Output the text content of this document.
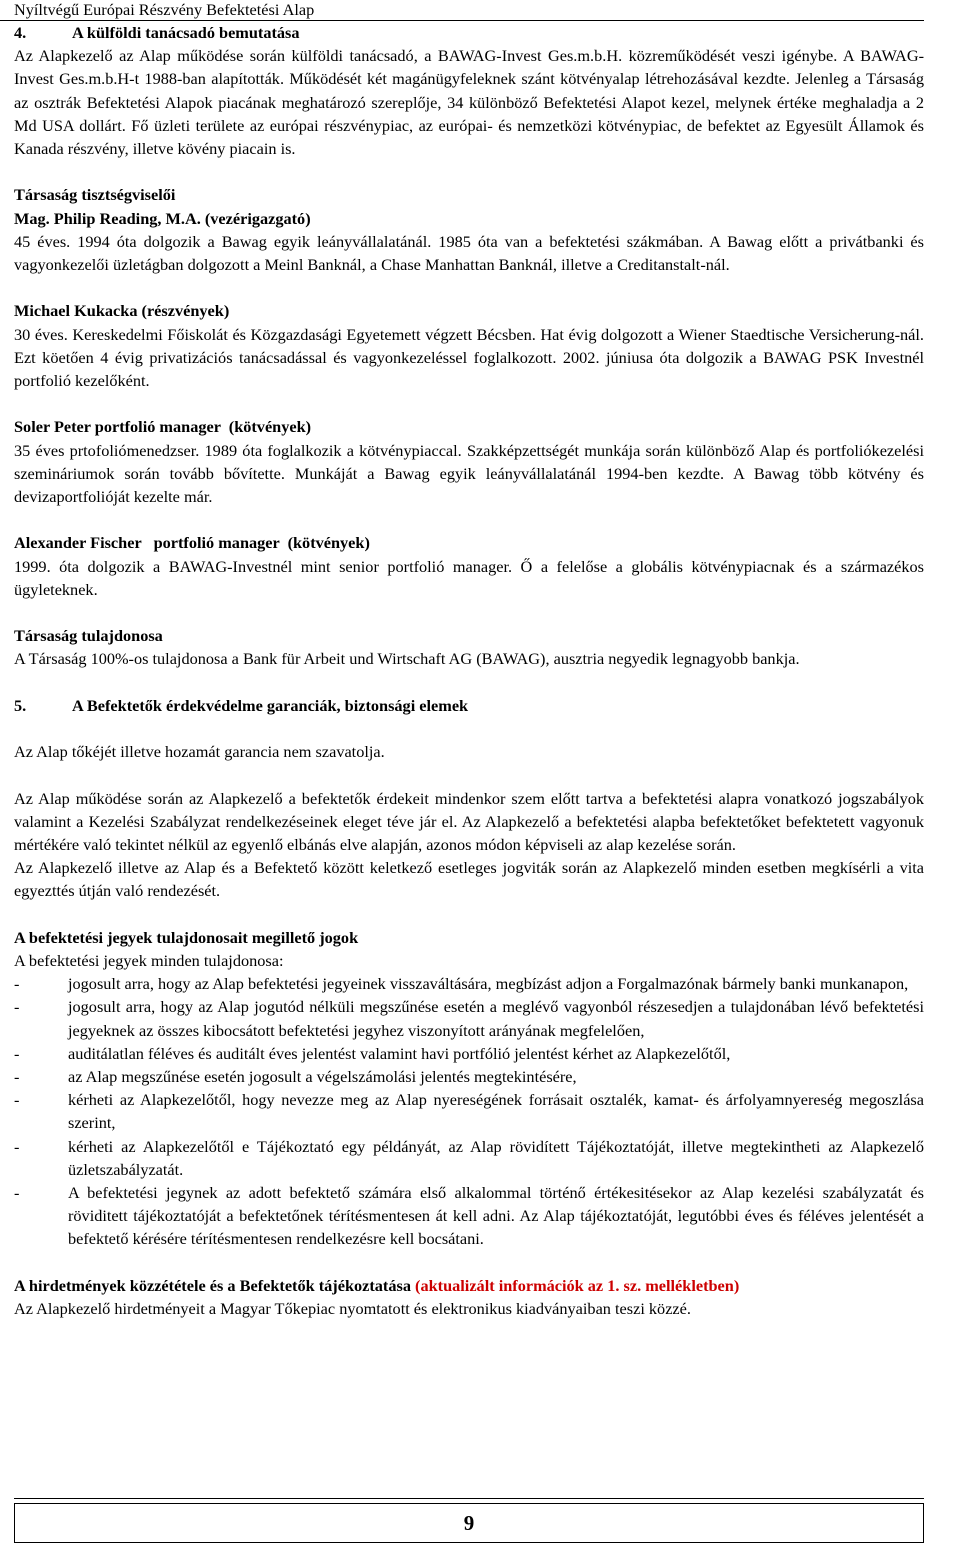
Nyíltvégű Európai Részvény Befektetési Alap
4.	A külföldi tanácsadó bemutatása

Az Alapkezelő az Alap működése során külföldi tanácsadó, a BAWAG-Invest Ges.m.b.H. közreműködését veszi igénybe. A BAWAG-Invest Ges.m.b.H-t 1988-ban alapították. Működését két magánügyfeleknek szánt kötvényalap létrehozásával kezdte. Jelenleg a Társaság az osztrák Befektetési Alapok piacának meghatározó szereplője, 34 különböző Befektetési Alapot kezel, melynek értéke meghaladja a 2 Md USA dollárt. Fő üzleti területe az európai részvénypiac, az európai- és nemzetközi kötvénypiac, de befektet az Egyesült Államok és Kanada részvény, illetve kövény piacain is.

Társaság tisztségviselői

Mag. Philip Reading, M.A. (vezérigazgató)

45 éves. 1994 óta dolgozik a Bawag egyik leányvállalatánál. 1985 óta van a befektetési szákmában. A Bawag előtt a privátbanki és vagyonkezelői üzletágban dolgozott a Meinl Banknál, a Chase Manhattan Banknál, illetve a Creditanstalt-nál.

Michael Kukacka (részvények)

30 éves. Kereskedelmi Főiskolát és Közgazdasági Egyetemett végzett Bécsben. Hat évig dolgozott a Wiener Staedtische Versicherung-nál. Ezt köetően 4 évig privatizációs tanácsadással és vagyonkezeléssel foglalkozott. 2002. júniusa óta dolgozik a BAWAG PSK Investnél portfolió kezelőként.

Soler Peter portfolió manager  (kötvények)

35 éves prtofoliómenedzser. 1989 óta foglalkozik a kötvénypiaccal. Szakképzettségét munkája során különböző Alap és portfoliókezelési szemináriumok során tovább bővítette. Munkáját a Bawag egyik leányvállalatánál 1994-ben kezdte. A Bawag több kötvény és devizaportfolióját kezelte már.

Alexander Fischer   portfolió manager  (kötvények)

1999. óta dolgozik a BAWAG-Investnél mint senior portfolió manager. Ő a felelőse a globális kötvénypiacnak és a származékos ügyleteknek.

Társaság tulajdonosa

A Társaság 100%-os tulajdonosa a Bank für Arbeit und Wirtschaft AG (BAWAG), ausztria negyedik legnagyobb bankja.

5.	A Befektetők érdekvédelme garanciák, biztonsági elemek

Az Alap tőkéjét illetve hozamát garancia nem szavatolja.

Az Alap működése során az Alapkezelő a befektetők érdekeit mindenkor szem előtt tartva a befektetési alapra vonatkozó jogszabályok valamint a Kezelési Szabályzat rendelkezéseinek eleget téve jár el. Az Alapkezelő a befektetési alapba befektetőket befektetett vagyonuk mértékére való tekintet nélkül az egyenlő elbánás elve alapján, azonos módon képviseli az alap kezelése során.

Az Alapkezelő illetve az Alap és a Befektető között keletkező esetleges jogviták során az Alapkezelő minden esetben megkísérli a vita egyezttés útján való rendezését.

A befektetési jegyek tulajdonosait megillető jogok

A befektetési jegyek minden tulajdonosa:

-	jogosult arra, hogy az Alap befektetési jegyeinek visszaváltására, megbízást adjon a Forgalmazónak bármely banki munkanapon,
-	jogosult arra, hogy az Alap jogutód nélküli megszűnése esetén a meglévő vagyonból részesedjen a tulajdonában lévő befektetési jegyeknek az összes kibocsátott befektetési jegyhez viszonyított arányának megfelelően,
-	auditálatlan féléves és auditált éves jelentést valamint havi portfólió jelentést kérhet az Alapkezelőtől,
-	az Alap megszűnése esetén jogosult a végelszámolási jelentés megtekintésére,
-	kérheti az Alapkezelőtől, hogy nevezze meg az Alap nyereségének forrásait osztalék, kamat- és árfolyamnyereség megoszlása szerint,
-	kérheti az Alapkezelőtől e Tájékoztató egy példányát, az Alap rövidített Tájékoztatóját, illetve megtekintheti az Alapkezelő üzletszabályzatát.
-	A befektetési jegynek az adott befektető számára első alkalommal történő értékesitésekor az Alap kezelési szabályzatát és röviditett tájékoztatóját a befektetőnek térítésmentesen át kell adni. Az Alap tájékoztatóját, legutóbbi éves és féléves jelentését a befektető kérésére térítésmentesen rendelkezésre kell bocsátani.

A hirdetmények közzététele és a Befektetők tájékoztatása (aktualizált információk az 1. sz. mellékletben)

Az Alapkezelő hirdetményeit a Magyar Tőkepiac nyomtatott és elektronikus kiadványaiban teszi közzé.

9
